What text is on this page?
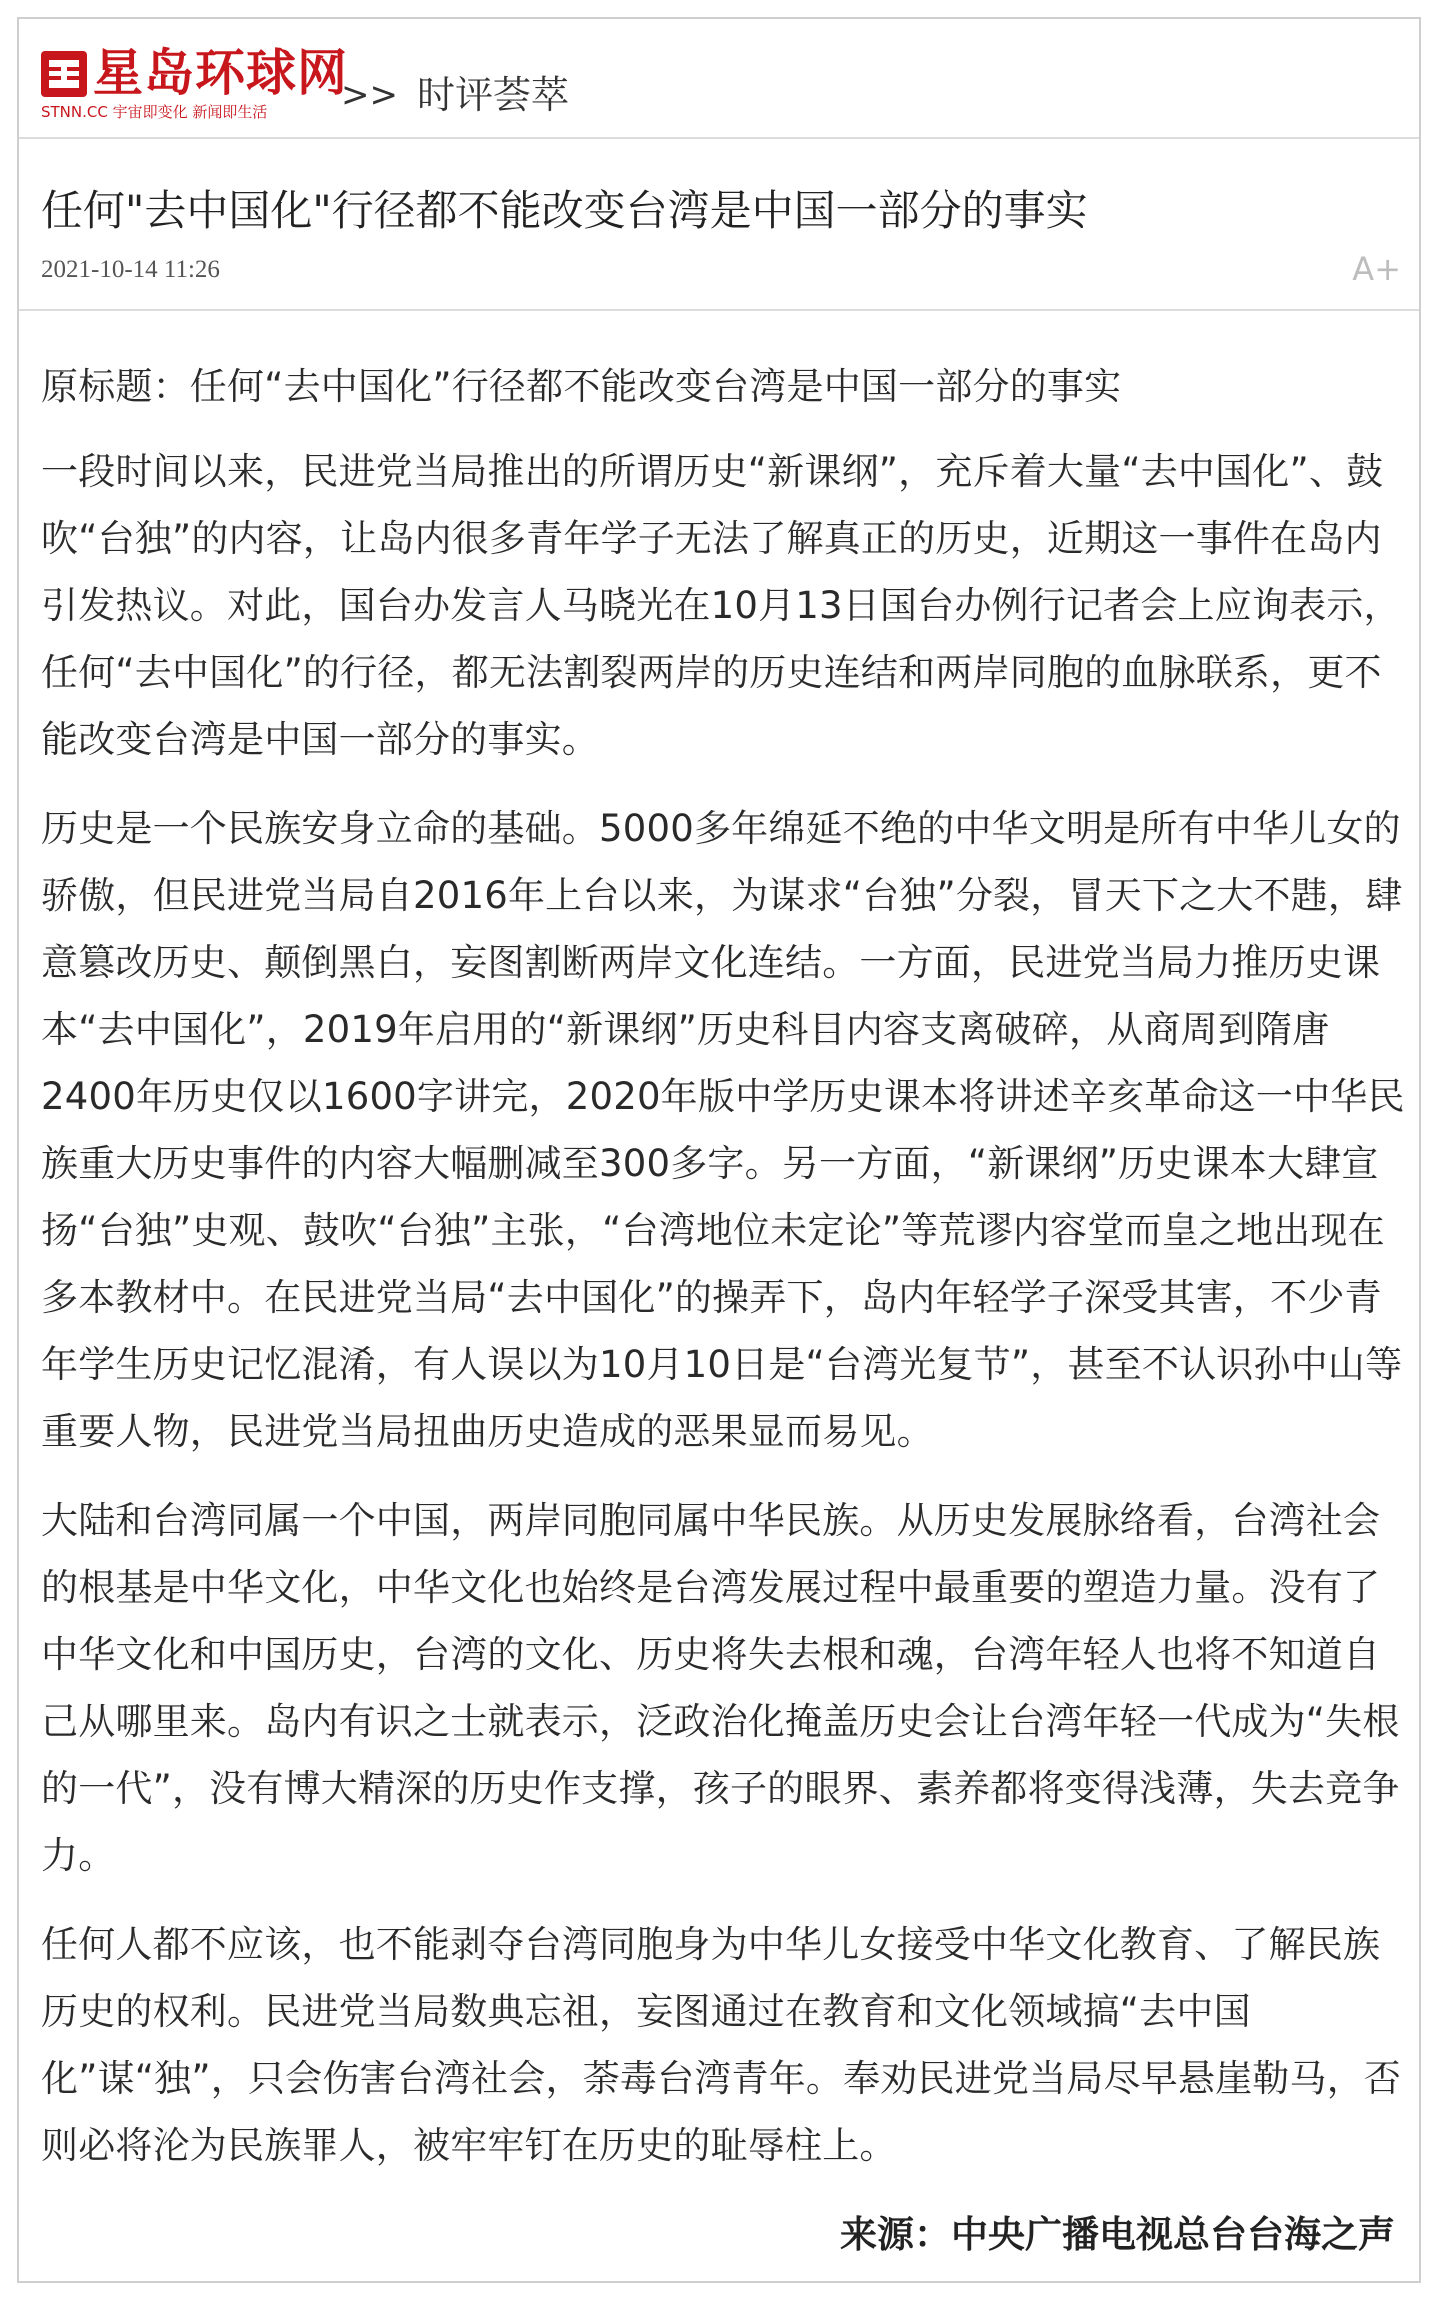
星岛环球网
STNN.CC 宇宙即变化 新闻即生活 >> 时评荟萃
任何"去中国化"行径都不能改变台湾是中国一部分的事实
2021-10-14 11:26	A+

原标题：任何“去中国化”行径都不能改变台湾是中国一部分的事实

一段时间以来，民进党当局推出的所谓历史“新课纲”，充斥着大量“去中国化”、鼓吹“台独”的内容，让岛内很多青年学子无法了解真正的历史，近期这一事件在岛内引发热议。对此，国台办发言人马晓光在10月13日国台办例行记者会上应询表示，任何“去中国化”的行径，都无法割裂两岸的历史连结和两岸同胞的血脉联系，更不能改变台湾是中国一部分的事实。

历史是一个民族安身立命的基础。5000多年绵延不绝的中华文明是所有中华儿女的骄傲，但民进党当局自2016年上台以来，为谋求“台独”分裂，冒天下之大不韪，肆意篡改历史、颠倒黑白，妄图割断两岸文化连结。一方面，民进党当局力推历史课本“去中国化”，2019年启用的“新课纲”历史科目内容支离破碎，从商周到隋唐2400年历史仅以1600字讲完，2020年版中学历史课本将讲述辛亥革命这一中华民族重大历史事件的内容大幅删减至300多字。另一方面，“新课纲”历史课本大肆宣扬“台独”史观、鼓吹“台独”主张，“台湾地位未定论”等荒谬内容堂而皇之地出现在多本教材中。在民进党当局“去中国化”的操弄下，岛内年轻学子深受其害，不少青年学生历史记忆混淆，有人误以为10月10日是“台湾光复节”，甚至不认识孙中山等重要人物，民进党当局扭曲历史造成的恶果显而易见。

大陆和台湾同属一个中国，两岸同胞同属中华民族。从历史发展脉络看，台湾社会的根基是中华文化，中华文化也始终是台湾发展过程中最重要的塑造力量。没有了中华文化和中国历史，台湾的文化、历史将失去根和魂，台湾年轻人也将不知道自己从哪里来。岛内有识之士就表示，泛政治化掩盖历史会让台湾年轻一代成为“失根的一代”，没有博大精深的历史作支撑，孩子的眼界、素养都将变得浅薄，失去竞争力。

任何人都不应该，也不能剥夺台湾同胞身为中华儿女接受中华文化教育、了解民族历史的权利。民进党当局数典忘祖，妄图通过在教育和文化领域搞“去中国化”谋“独”，只会伤害台湾社会，荼毒台湾青年。奉劝民进党当局尽早悬崖勒马，否则必将沦为民族罪人，被牢牢钉在历史的耻辱柱上。

来源：中央广播电视总台台海之声
